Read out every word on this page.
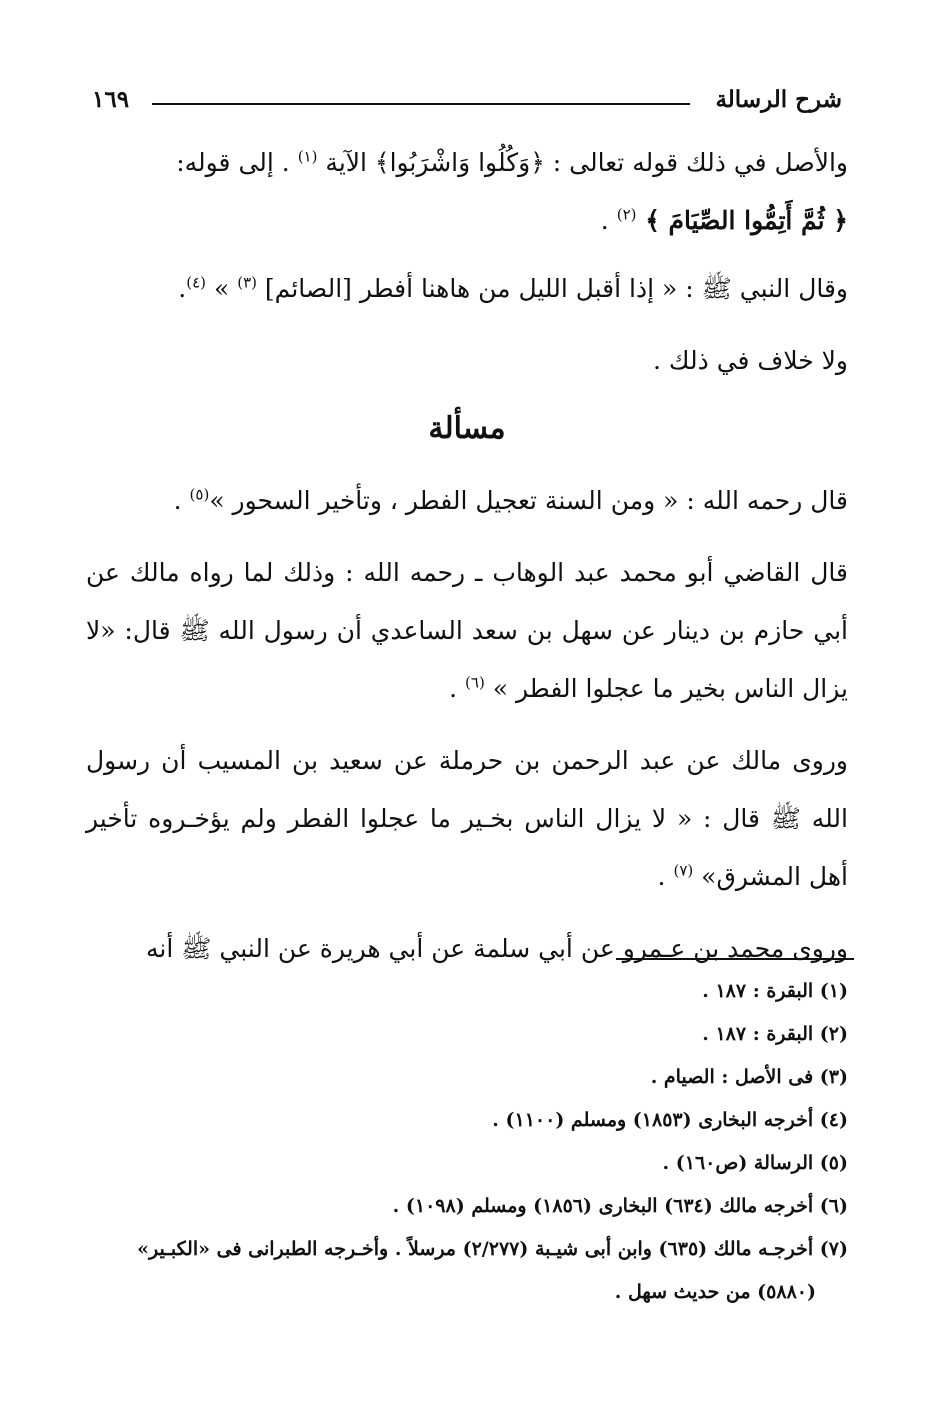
شرح الرسالة
١٦٩

والأصل في ذلك قوله تعالى : ﴿وَكُلُوا وَاشْرَبُوا﴾ الآية $^{(١)}$ . إلى قوله:
﴿ ثُمَّ أَتِمُّوا الصِّيَامَ ﴾ $^{(٢)}$ .

وقال النبي ﷺ : « إذا أقبل الليل من هاهنا أفطر [الصائم] $^{(٣)}$ » $^{(٤)}$.

ولا خلاف في ذلك .

مسألة

قال رحمه الله : « ومن السنة تعجيل الفطر ، وتأخير السحور »$^{(٥)}$ .

قال القاضي أبو محمد عبد الوهاب ـ رحمه الله : وذلك لما رواه مالك عن أبي حازم بن دينار عن سهل بن سعد الساعدي أن رسول الله ﷺ قال: «لا يزال الناس بخير ما عجلوا الفطر » $^{(٦)}$ .

وروى مالك عن عبد الرحمن بن حرملة عن سعيد بن المسيب أن رسول الله ﷺ قال : « لا يزال الناس بخـير ما عجلوا الفطر ولم يؤخـروه تأخير أهل المشرق» $^{(٧)}$ .

وروى محمد بن عـمرو عن أبي سلمة عن أبي هريرة عن النبي ﷺ أنه

(١) البقرة : ١٨٧ .

(٢) البقرة : ١٨٧ .

(٣) فى الأصل : الصيام .

(٤) أخرجه البخارى (١٨٥٣) ومسلم (١١٠٠) .

(٥) الرسالة (ص١٦٠) .

(٦) أخرجه مالك (٦٣٤) البخارى (١٨٥٦) ومسلم (١٠٩٨) .

(٧) أخرجـه مالك (٦٣٥) وابن أبى شيـبة (٢/٢٧٧) مرسلاً . وأخـرجه الطبرانى فى «الكبـير»

(٥٨٨٠) من حديث سهل .
